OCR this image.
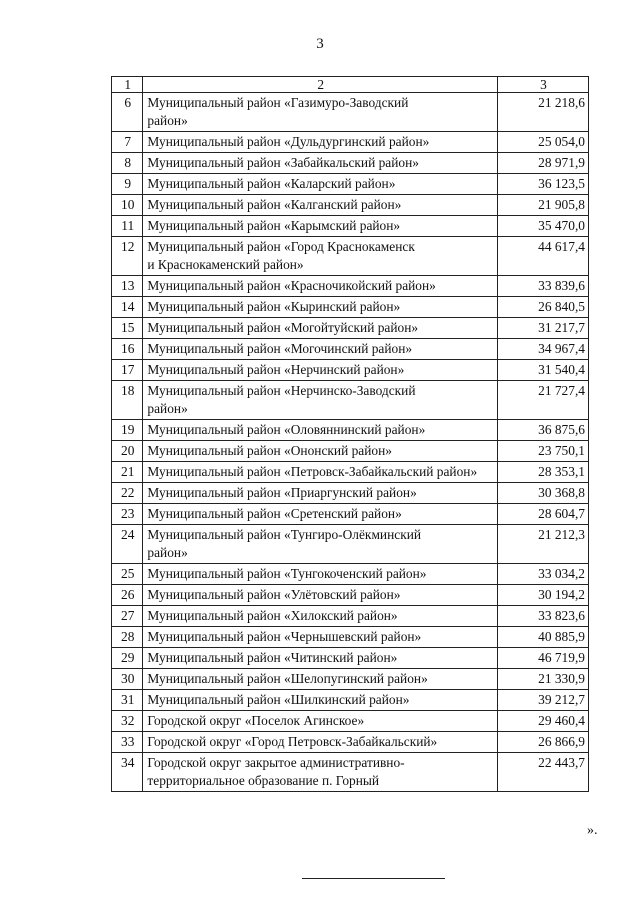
3
1	2	3
6	Муниципальный район «Газимуро-Заводский
район»	21 218,6
7	Муниципальный район «Дульдургинский район»	25 054,0
8	Муниципальный район «Забайкальский район»	28 971,9
9	Муниципальный район «Каларский район»	36 123,5
10	Муниципальный район «Калганский район»	21 905,8
11	Муниципальный район «Карымский район»	35 470,0
12	Муниципальный район «Город Краснокаменск
и Краснокаменский район»	44 617,4
13	Муниципальный район «Красночикойский район»	33 839,6
14	Муниципальный район «Кыринский район»	26 840,5
15	Муниципальный район «Могойтуйский район»	31 217,7
16	Муниципальный район «Могочинский район»	34 967,4
17	Муниципальный район «Нерчинский район»	31 540,4
18	Муниципальный район «Нерчинско-Заводский
район»	21 727,4
19	Муниципальный район «Оловяннинский район»	36 875,6
20	Муниципальный район «Ононский район»	23 750,1
21	Муниципальный район «Петровск-Забайкальский район»	28 353,1
22	Муниципальный район «Приаргунский район»	30 368,8
23	Муниципальный район «Сретенский район»	28 604,7
24	Муниципальный район «Тунгиро-Олёкминский
район»	21 212,3
25	Муниципальный район «Тунгокоченский район»	33 034,2
26	Муниципальный район «Улётовский район»	30 194,2
27	Муниципальный район «Хилокский район»	33 823,6
28	Муниципальный район «Чернышевский район»	40 885,9
29	Муниципальный район «Читинский район»	46 719,9
30	Муниципальный район «Шелопугинский район»	21 330,9
31	Муниципальный район «Шилкинский район»	39 212,7
32	Городской округ «Поселок Агинское»	29 460,4
33	Городской округ «Город Петровск-Забайкальский»	26 866,9
34	Городской округ закрытое административно-
территориальное образование п. Горный	22 443,7
».
